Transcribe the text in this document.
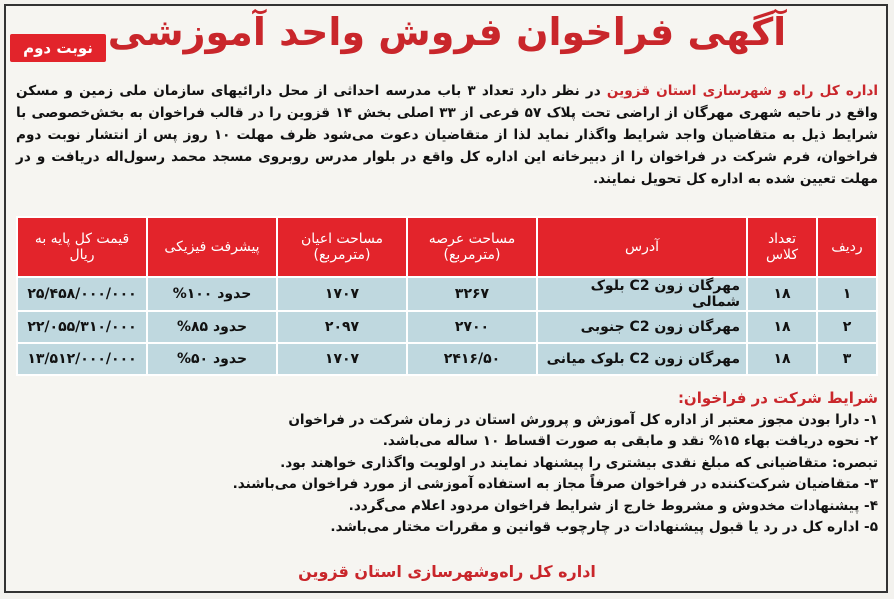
نوبت دوم آگهی فراخوان فروش واحد آموزشی
اداره کل راه و شهرسازی استان قزوین در نظر دارد تعداد ۳ باب مدرسه احداثی از محل دارائیهای سازمان ملی زمین و مسکن واقع در ناحیه شهری مهرگان از اراضی تحت پلاک ۵۷ فرعی از ۳۳ اصلی بخش ۱۴ قزوین را در قالب فراخوان به بخش‌خصوصی با شرایط ذیل به متقاضیان واجد شرایط واگذار نماید لذا از متقاضیان دعوت می‌شود ظرف مهلت ۱۰ روز پس از انتشار نوبت دوم فراخوان، فرم شرکت در فراخوان را از دبیرخانه این اداره کل واقع در بلوار مدرس روبروی مسجد محمد رسول‌اله دریافت و در مهلت تعیین شده به اداره کل تحویل نمایند.
ردیف	تعداد کلاس	آدرس	مساحت عرصه (مترمربع)	مساحت اعیان (مترمربع)	پیشرفت فیزیکی	قیمت کل پایه به ریال
۱	۱۸	مهرگان زون C2 بلوک شمالی	۳۲۶۷	۱۷۰۷	حدود ۱۰۰%	۲۵/۴۵۸/۰۰۰/۰۰۰
۲	۱۸	مهرگان زون C2 جنوبی	۲۷۰۰	۲۰۹۷	حدود ۸۵%	۲۲/۰۵۵/۳۱۰/۰۰۰
۳	۱۸	مهرگان زون C2 بلوک میانی	۲۴۱۶/۵۰	۱۷۰۷	حدود ۵۰%	۱۳/۵۱۲/۰۰۰/۰۰۰
شرایط شرکت در فراخوان:
۱- دارا بودن مجوز معتبر از اداره کل آموزش و پرورش استان در زمان شرکت در فراخوان
۲- نحوه دریافت بهاء ۱۵% نقد و مابقی به صورت اقساط ۱۰ ساله می‌باشد.
تبصره: متقاضیانی که مبلغ نقدی بیشتری را پیشنهاد نمایند در اولویت واگذاری خواهند بود.
۳- متقاضیان شرکت‌کننده در فراخوان صرفاً مجاز به استفاده آموزشی از مورد فراخوان می‌باشند.
۴- پیشنهادات مخدوش و مشروط خارج از شرایط فراخوان مردود اعلام می‌گردد.
۵- اداره کل در رد یا قبول پیشنهادات در چارچوب قوانین و مقررات مختار می‌باشد.
اداره کل راه‌وشهرسازی استان قزوین
